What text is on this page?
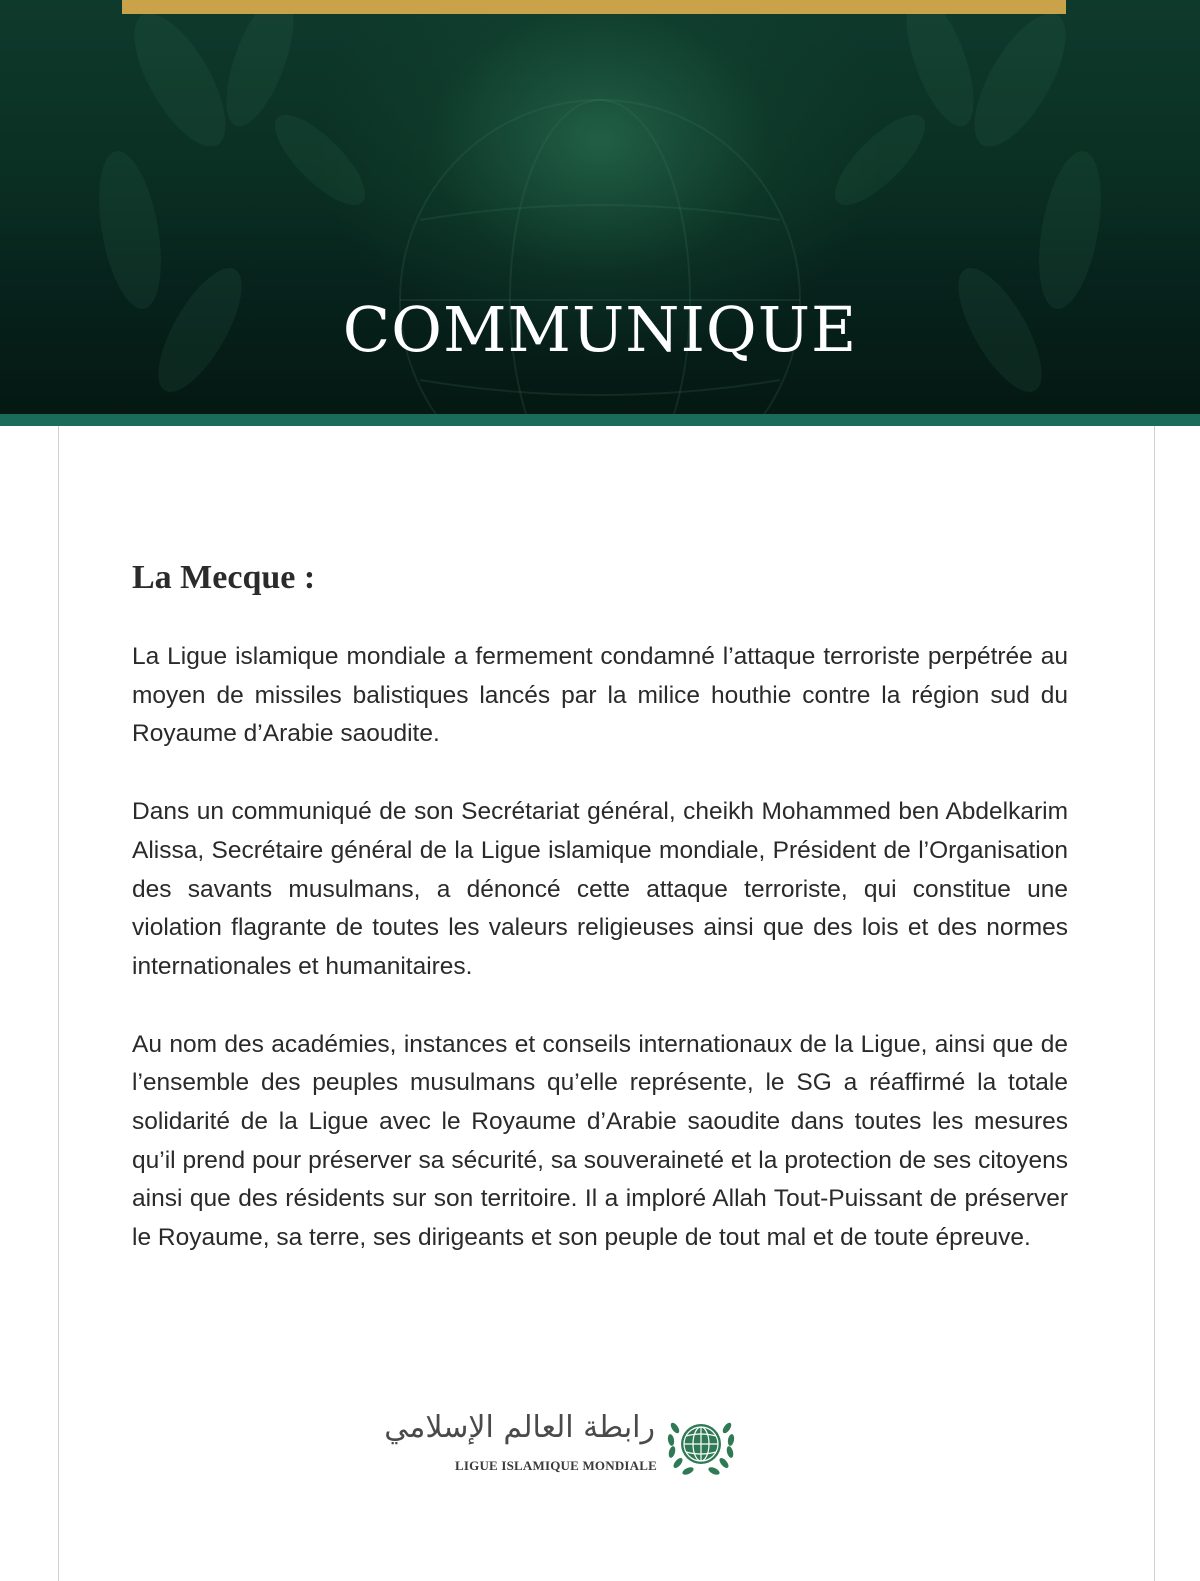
COMMUNIQUE
La Mecque :

La Ligue islamique mondiale a fermement condamné l’attaque terroriste perpétrée au moyen de missiles balistiques lancés par la milice houthie contre la région sud du Royaume d’Arabie saoudite.

Dans un communiqué de son Secrétariat général, cheikh Mohammed ben Abdelkarim Alissa, Secrétaire général de la Ligue islamique mondiale, Président de l’Organisation des savants musulmans, a dénoncé cette attaque terroriste, qui constitue une violation flagrante de toutes les valeurs religieuses ainsi que des lois et des normes internationales et humanitaires.

Au nom des académies, instances et conseils internationaux de la Ligue, ainsi que de l’ensemble des peuples musulmans qu’elle représente, le SG a réaffirmé la totale solidarité de la Ligue avec le Royaume d’Arabie saoudite dans toutes les mesures qu’il prend pour préserver sa sécurité, sa souveraineté et la protection de ses citoyens ainsi que des résidents sur son territoire. Il a imploré Allah Tout-Puissant de préserver le Royaume, sa terre, ses dirigeants et son peuple de tout mal et de toute épreuve.

رابطة العالم الإسلامي
LIGUE ISLAMIQUE MONDIALE
